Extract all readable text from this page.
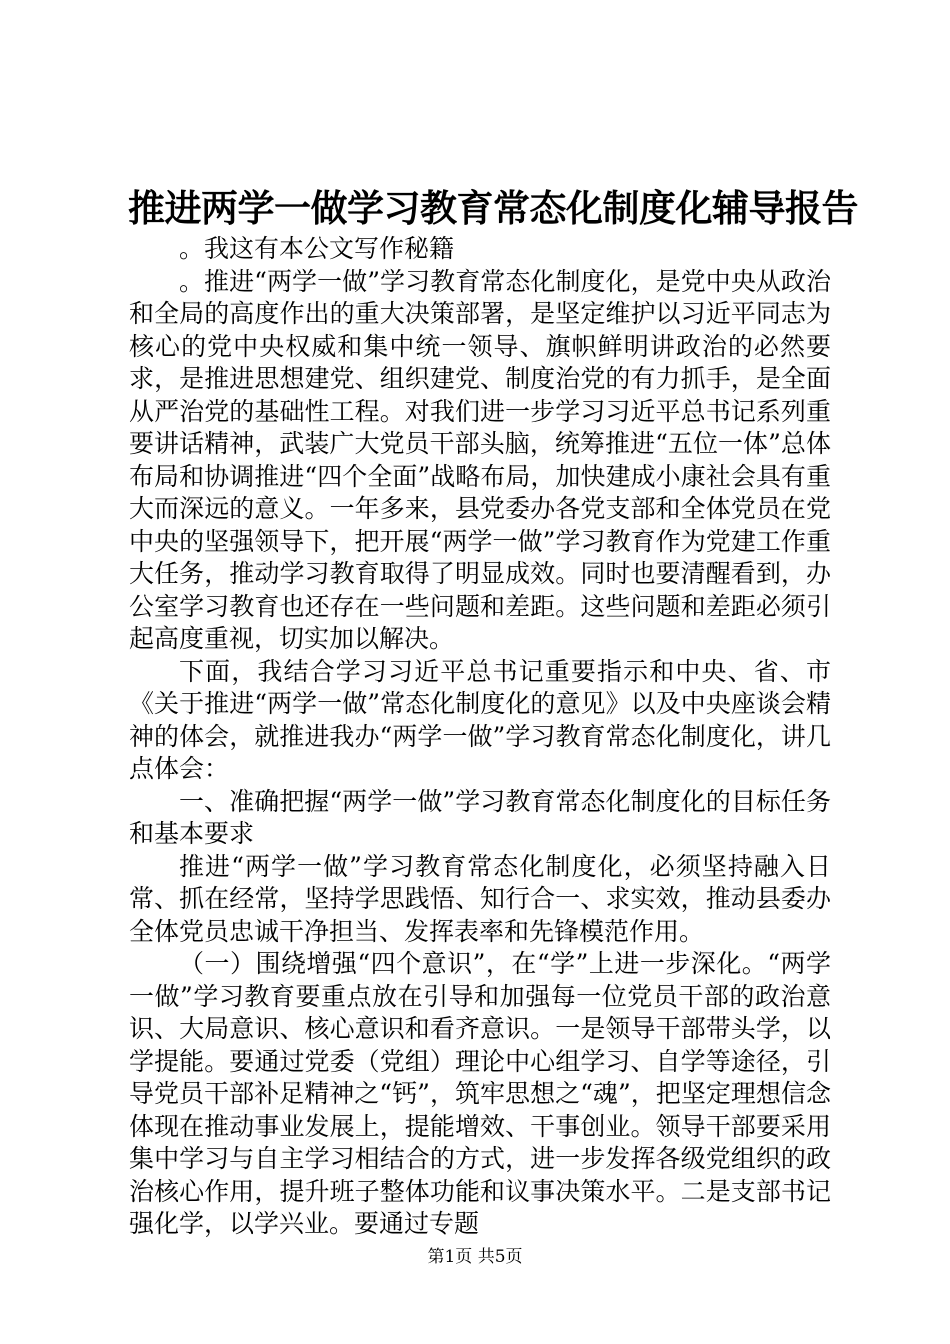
推进两学一做学习教育常态化制度化辅导报告

。我这有本公文写作秘籍

。推进“两学一做”学习教育常态化制度化，是党中央从政治和全局的高度作出的重大决策部署，是坚定维护以习近平同志为核心的党中央权威和集中统一领导、旗帜鲜明讲政治的必然要求，是推进思想建党、组织建党、制度治党的有力抓手，是全面从严治党的基础性工程。对我们进一步学习习近平总书记系列重要讲话精神，武装广大党员干部头脑，统筹推进“五位一体”总体布局和协调推进“四个全面”战略布局，加快建成小康社会具有重大而深远的意义。一年多来，县党委办各党支部和全体党员在党中央的坚强领导下，把开展“两学一做”学习教育作为党建工作重大任务，推动学习教育取得了明显成效。同时也要清醒看到，办公室学习教育也还存在一些问题和差距。这些问题和差距必须引起高度重视，切实加以解决。

下面，我结合学习习近平总书记重要指示和中央、省、市《关于推进“两学一做”常态化制度化的意见》以及中央座谈会精神的体会，就推进我办“两学一做”学习教育常态化制度化，讲几点体会：

一、准确把握“两学一做”学习教育常态化制度化的目标任务和基本要求

推进“两学一做”学习教育常态化制度化，必须坚持融入日常、抓在经常，坚持学思践悟、知行合一、求实效，推动县委办全体党员忠诚干净担当、发挥表率和先锋模范作用。

（一）围绕增强“四个意识”，在“学”上进一步深化。“两学一做”学习教育要重点放在引导和加强每一位党员干部的政治意识、大局意识、核心意识和看齐意识。一是领导干部带头学，以学提能。要通过党委（党组）理论中心组学习、自学等途径，引导党员干部补足精神之“钙”，筑牢思想之“魂”，把坚定理想信念体现在推动事业发展上，提能增效、干事创业。领导干部要采用集中学习与自主学习相结合的方式，进一步发挥各级党组织的政治核心作用，提升班子整体功能和议事决策水平。二是支部书记强化学，以学兴业。要通过专题

第1页 共5页
